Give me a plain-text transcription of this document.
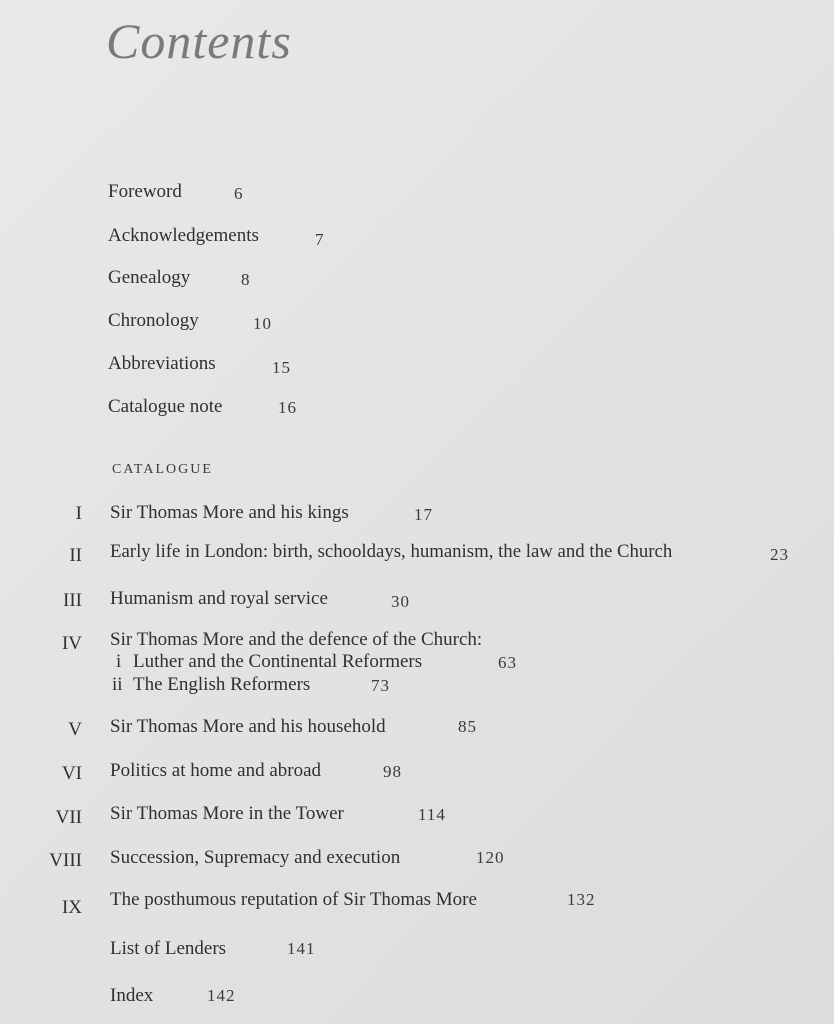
Contents
Foreword	6
Acknowledgements	7
Genealogy	8
Chronology	10
Abbreviations	15
Catalogue note	16
CATALOGUE
I Sir Thomas More and his kings	17
II Early life in London: birth, schooldays, humanism, the law and the Church	23
III Humanism and royal service	30
IV Sir Thomas More and the defence of the Church:
i Luther and the Continental Reformers	63
ii The English Reformers	73
V Sir Thomas More and his household	85
VI Politics at home and abroad	98
VII Sir Thomas More in the Tower	114
VIII Succession, Supremacy and execution	120
IX The posthumous reputation of Sir Thomas More	132
List of Lenders	141
Index	142
